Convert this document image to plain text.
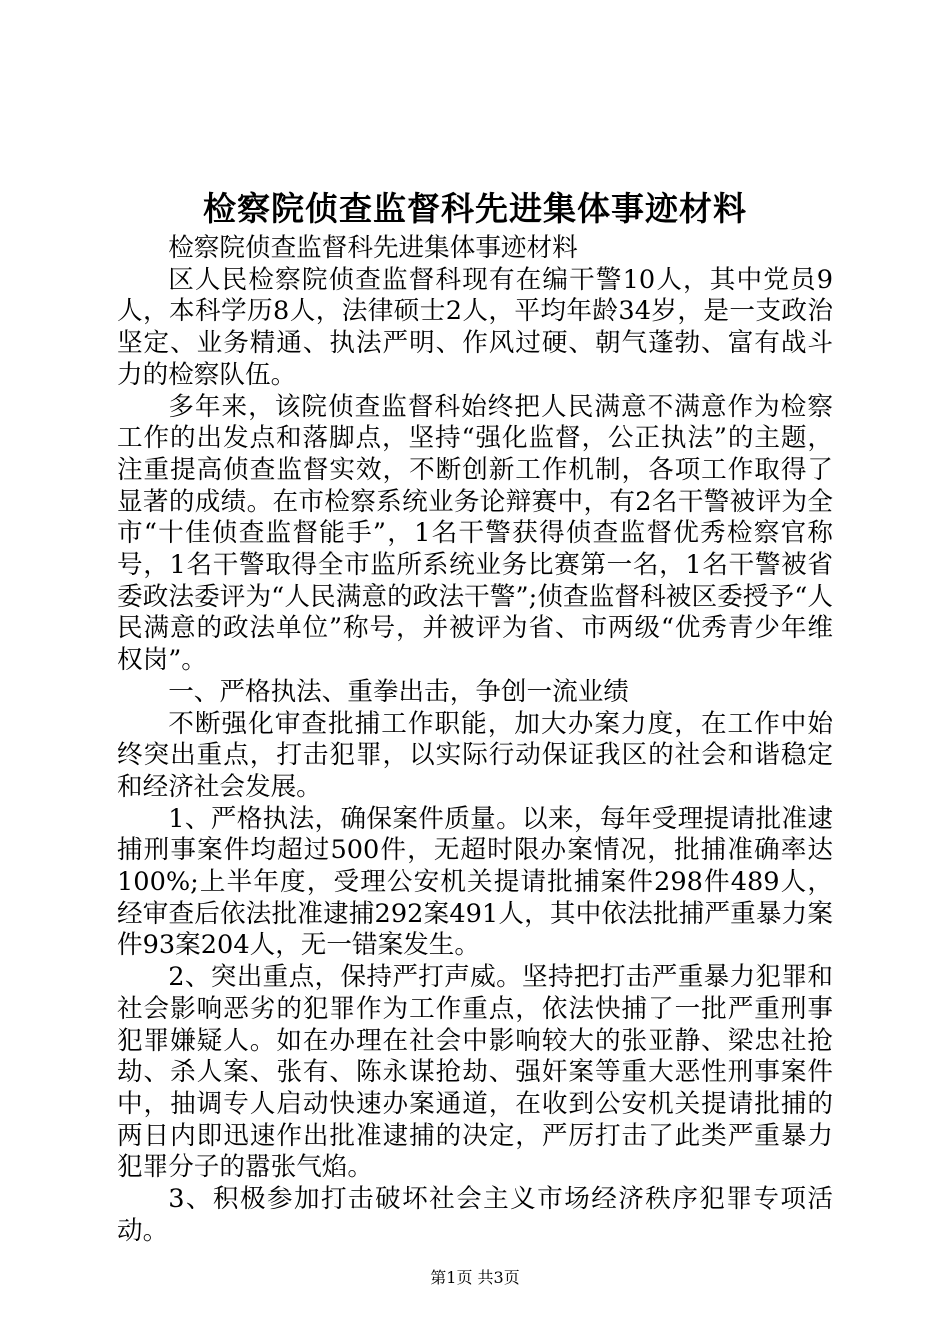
检察院侦查监督科先进集体事迹材料

检察院侦查监督科先进集体事迹材料

区人民检察院侦查监督科现有在编干警10人，其中党员9人，本科学历8人，法律硕士2人，平均年龄34岁，是一支政治坚定、业务精通、执法严明、作风过硬、朝气蓬勃、富有战斗力的检察队伍。

多年来，该院侦查监督科始终把人民满意不满意作为检察工作的出发点和落脚点，坚持“强化监督，公正执法”的主题，注重提高侦查监督实效，不断创新工作机制，各项工作取得了显著的成绩。在市检察系统业务论辩赛中，有2名干警被评为全市“十佳侦查监督能手”，1名干警获得侦查监督优秀检察官称号，1名干警取得全市监所系统业务比赛第一名，1名干警被省委政法委评为“人民满意的政法干警”;侦查监督科被区委授予“人民满意的政法单位”称号，并被评为省、市两级“优秀青少年维权岗”。

一、严格执法、重拳出击，争创一流业绩

不断强化审查批捕工作职能，加大办案力度，在工作中始终突出重点，打击犯罪，以实际行动保证我区的社会和谐稳定和经济社会发展。

1、严格执法，确保案件质量。以来，每年受理提请批准逮捕刑事案件均超过500件，无超时限办案情况，批捕准确率达100%;上半年度，受理公安机关提请批捕案件298件489人，经审查后依法批准逮捕292案491人，其中依法批捕严重暴力案件93案204人，无一错案发生。

2、突出重点，保持严打声威。坚持把打击严重暴力犯罪和社会影响恶劣的犯罪作为工作重点，依法快捕了一批严重刑事犯罪嫌疑人。如在办理在社会中影响较大的张亚静、梁忠社抢劫、杀人案、张有、陈永谋抢劫、强奸案等重大恶性刑事案件中，抽调专人启动快速办案通道，在收到公安机关提请批捕的两日内即迅速作出批准逮捕的决定，严厉打击了此类严重暴力犯罪分子的嚣张气焰。

3、积极参加打击破坏社会主义市场经济秩序犯罪专项活动。

第1页 共3页
